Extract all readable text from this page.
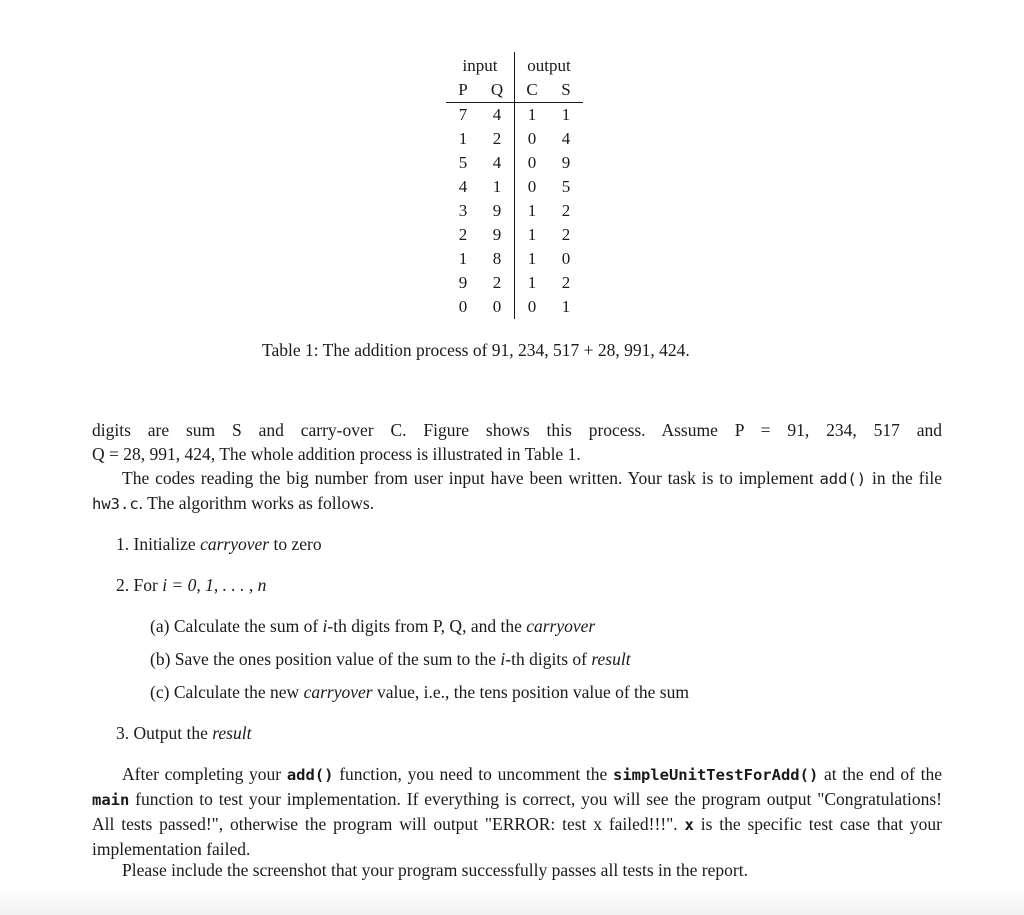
input		output	
P	Q	C	S
7	4	1	1
1	2	0	4
5	4	0	9
4	1	0	5
3	9	1	2
2	9	1	2
1	8	1	0
9	2	1	2
0	0	0	1
Table 1: The addition process of 91, 234, 517 + 28, 991, 424.
digits are sum S and carry-over C. Figure shows this process. Assume P = 91, 234, 517 and
Q = 28, 991, 424, The whole addition process is illustrated in Table 1.
The codes reading the big number from user input have been written. Your task is to implement add() in the file hw3.c. The algorithm works as follows.
1. Initialize carryover to zero
2. For i = 0, 1, . . . , n
(a) Calculate the sum of i-th digits from P, Q, and the carryover
(b) Save the ones position value of the sum to the i-th digits of result
(c) Calculate the new carryover value, i.e., the tens position value of the sum
3. Output the result
After completing your add() function, you need to uncomment the simpleUnitTestForAdd() at the end of the main function to test your implementation. If everything is correct, you will see the program output "Congratulations! All tests passed!", otherwise the program will output "ERROR: test x failed!!!". x is the specific test case that your implementation failed.
Please include the screenshot that your program successfully passes all tests in the report.
